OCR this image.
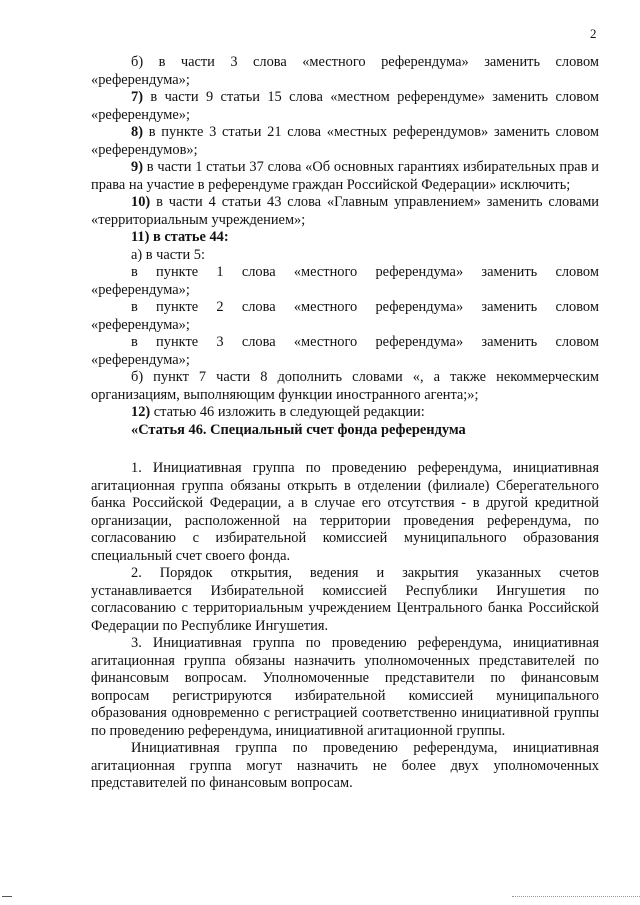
2

б) в части 3 слова «местного референдума» заменить словом

«референдума»;

7) в части 9 статьи 15 слова «местном референдуме» заменить словом «референдуме»;

8) в пункте 3 статьи 21 слова «местных референдумов» заменить словом «референдумов»;

9) в части 1 статьи 37 слова «Об основных гарантиях избирательных прав и права на участие в референдуме граждан Российской Федерации» исключить;

10) в части 4 статьи 43 слова «Главным управлением» заменить словами «территориальным учреждением»;

11) в статье 44:

а) в части 5:

в пункте 1 слова «местного референдума» заменить словом

«референдума»;

в пункте 2 слова «местного референдума» заменить словом

«референдума»;

в пункте 3 слова «местного референдума» заменить словом

«референдума»;

б) пункт 7 части 8 дополнить словами «, а также некоммерческим организациям, выполняющим функции иностранного агента;»;

12) статью 46 изложить в следующей редакции:

«Статья 46. Специальный счет фонда референдума

1. Инициативная группа по проведению референдума, инициативная агитационная группа обязаны открыть в отделении (филиале) Сберегательного банка Российской Федерации, а в случае его отсутствия - в другой кредитной организации, расположенной на территории проведения референдума, по согласованию с избирательной комиссией муниципального образования специальный счет своего фонда.

2. Порядок открытия, ведения и закрытия указанных счетов устанавливается Избирательной комиссией Республики Ингушетия по согласованию с территориальным учреждением Центрального банка Российской Федерации по Республике Ингушетия.

3. Инициативная группа по проведению референдума, инициативная агитационная группа обязаны назначить уполномоченных представителей по финансовым вопросам. Уполномоченные представители по финансовым вопросам регистрируются избирательной комиссией муниципального образования одновременно с регистрацией соответственно инициативной группы по проведению референдума, инициативной агитационной группы.

Инициативная группа по проведению референдума, инициативная агитационная группа могут назначить не более двух уполномоченных представителей по финансовым вопросам.
